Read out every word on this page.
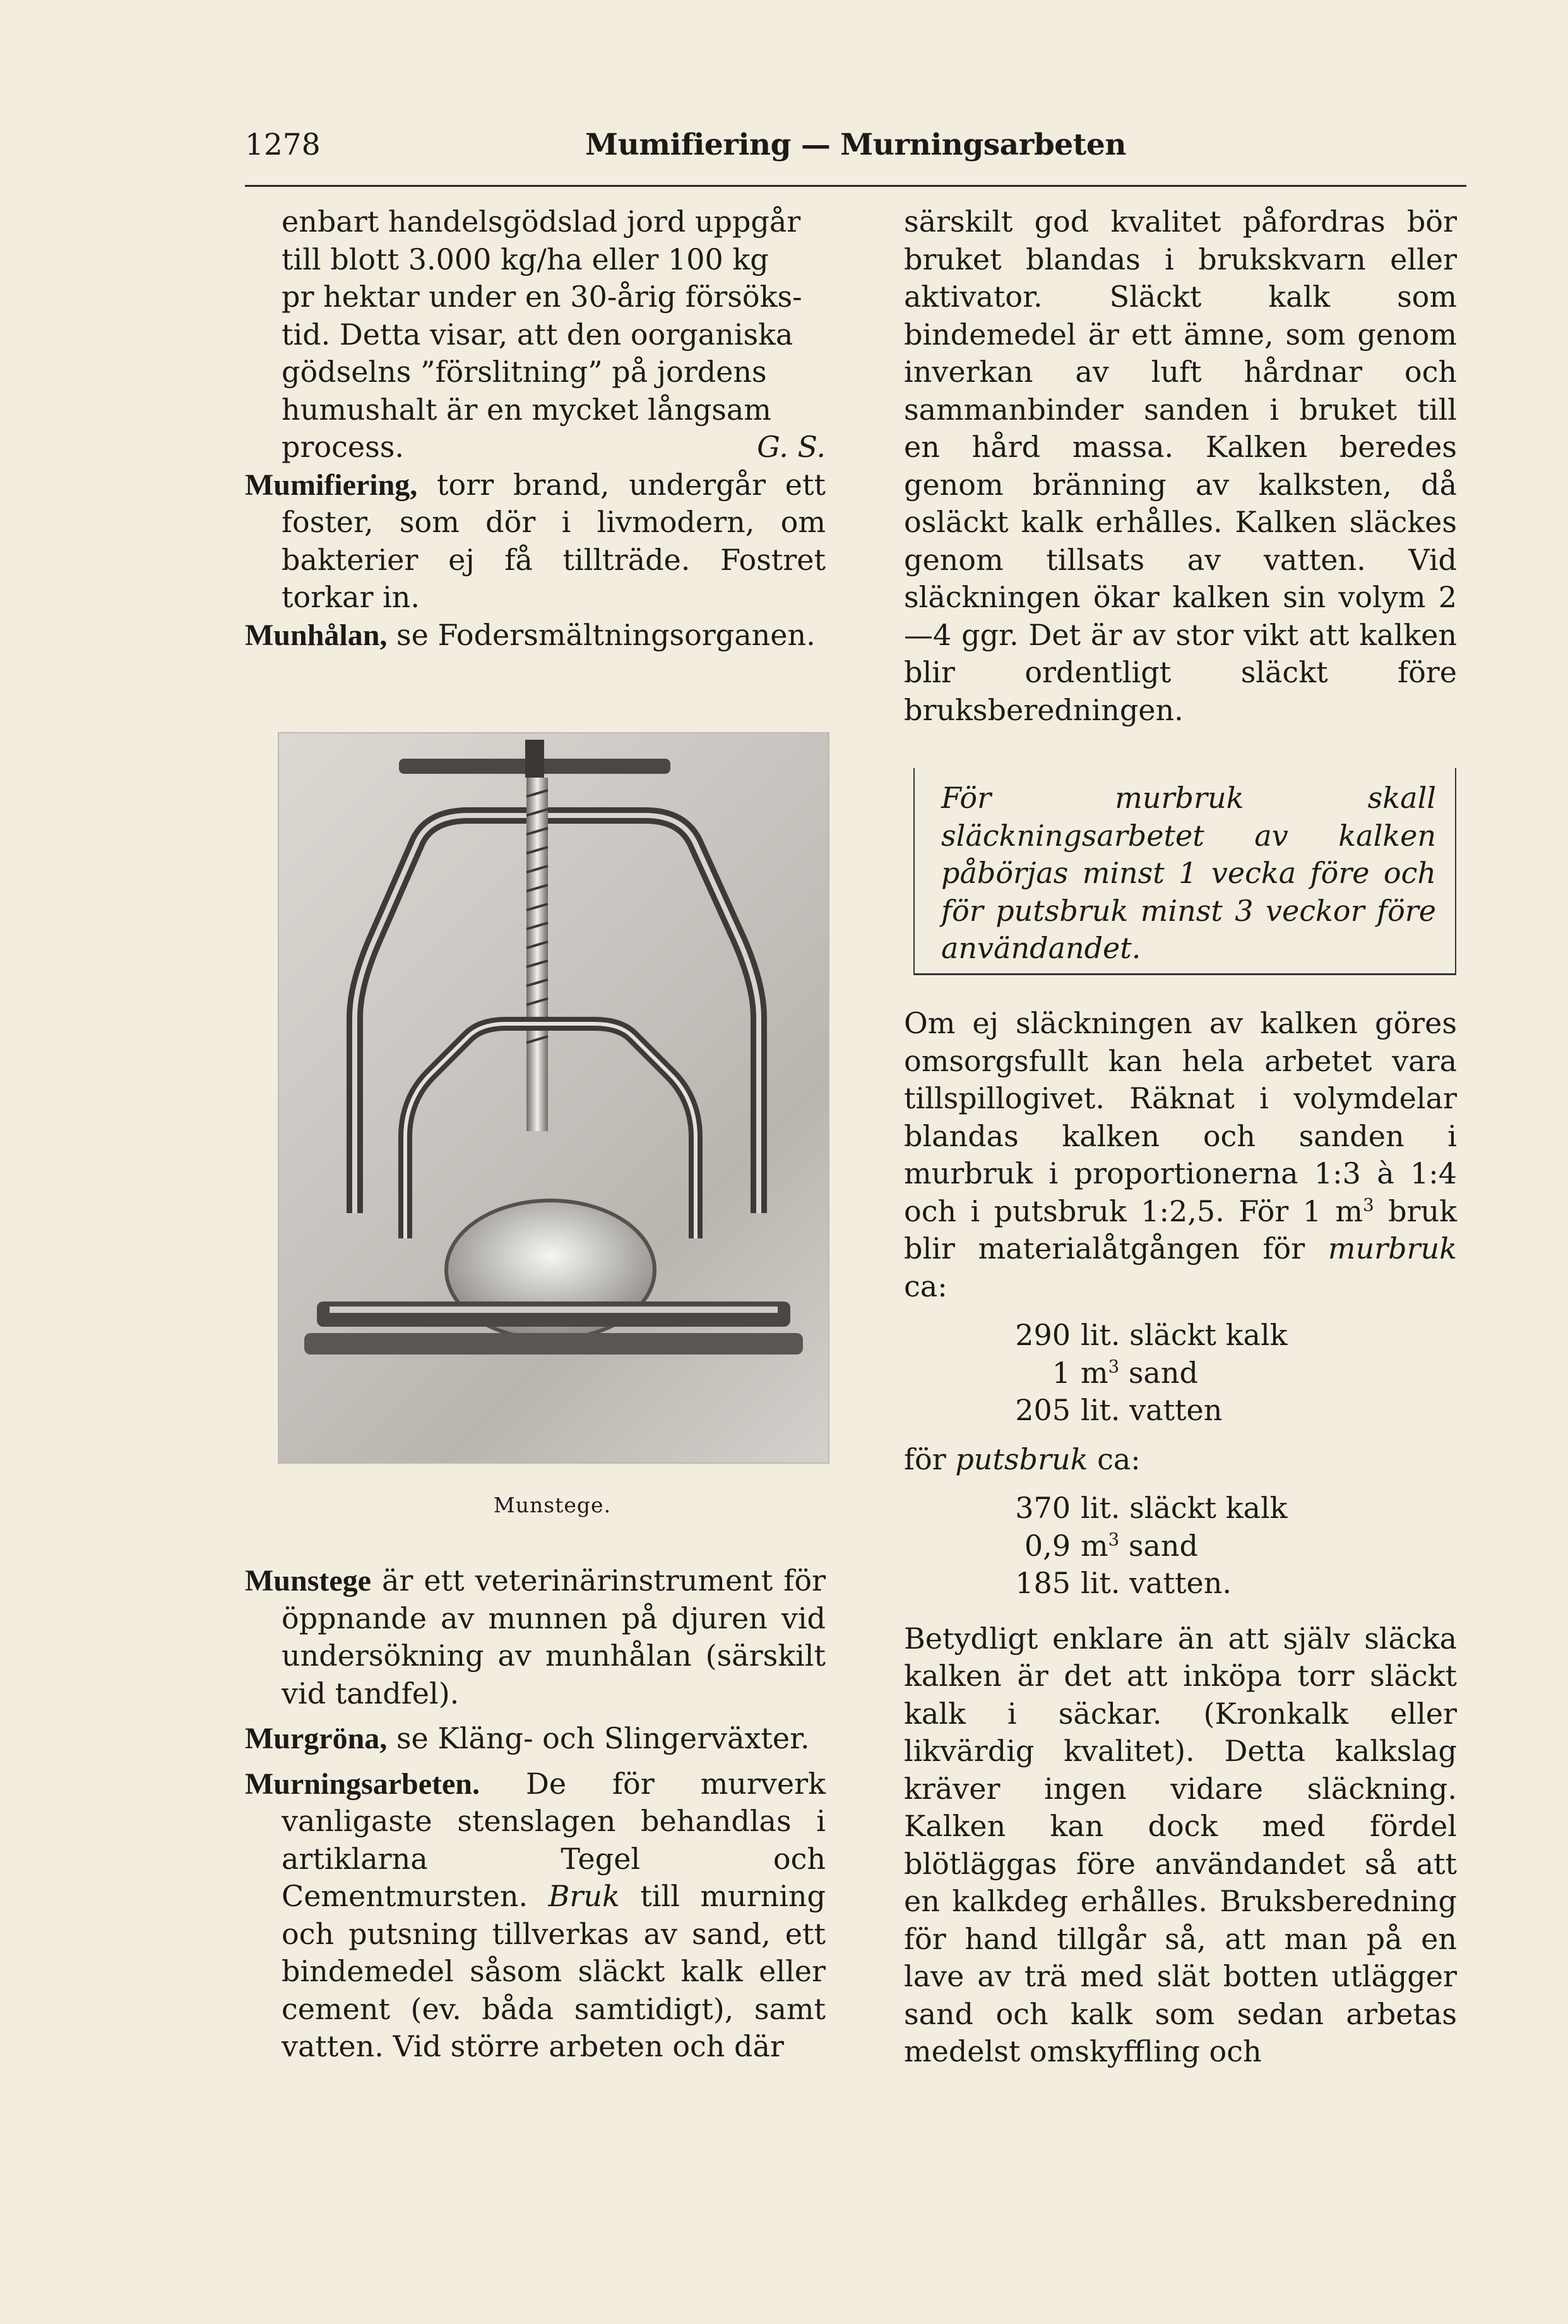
1278	Mumifiering — Murningsarbeten

enbart handelsgödslad jord uppgår
till blott 3.000 kg/ha eller 100 kg
pr hektar under en 30-årig försöks-
tid. Detta visar, att den oorganiska
gödselns ”förslitning” på jordens
humushalt är en mycket långsam
process.	G. S.

Mumifiering, torr brand, undergår ett foster, som dör i livmodern, om bakterier ej få tillträde. Fostret torkar in.

Munhålan, se Fodersmältningsorganen.

Munstege.

Munstege är ett veterinärinstrument för öppnande av munnen på djuren vid undersökning av munhålan (särskilt vid tandfel).

Murgröna, se Kläng- och Slingerväxter.

Murningsarbeten. De för murverk vanligaste stenslagen behandlas i artiklarna Tegel och Cementmursten. Bruk till murning och putsning tillverkas av sand, ett bindemedel såsom släckt kalk eller cement (ev. båda samtidigt), samt vatten. Vid större arbeten och där

särskilt god kvalitet påfordras bör bruket blandas i brukskvarn eller aktivator. Släckt kalk som bindemedel är ett ämne, som genom inverkan av luft hårdnar och sammanbinder sanden i bruket till en hård massa. Kalken beredes genom bränning av kalksten, då osläckt kalk erhålles. Kalken släckes genom tillsats av vatten. Vid släckningen ökar kalken sin volym 2—4 ggr. Det är av stor vikt att kalken blir ordentligt släckt före bruksberedningen.

För murbruk skall släckningsarbetet av kalken påbörjas minst 1 vecka före och för putsbruk minst 3 veckor före användandet.

Om ej släckningen av kalken göres omsorgsfullt kan hela arbetet vara tillspillogivet. Räknat i volymdelar blandas kalken och sanden i murbruk i proportionerna 1:3 à 1:4 och i putsbruk 1:2,5. För 1 $m^3$ bruk blir materialåtgången för murbruk ca:

290 lit. släckt kalk
1 $m^3$ sand
205 lit. vatten

för putsbruk ca:

370 lit. släckt kalk
0,9 $m^3$ sand
185 lit. vatten.

Betydligt enklare än att själv släcka kalken är det att inköpa torr släckt kalk i säckar. (Kronkalk eller likvärdig kvalitet). Detta kalkslag kräver ingen vidare släckning. Kalken kan dock med fördel blötläggas före användandet så att en kalkdeg erhålles. Bruksberedning för hand tillgår så, att man på en lave av trä med slät botten utlägger sand och kalk som sedan arbetas medelst omskyffling och
